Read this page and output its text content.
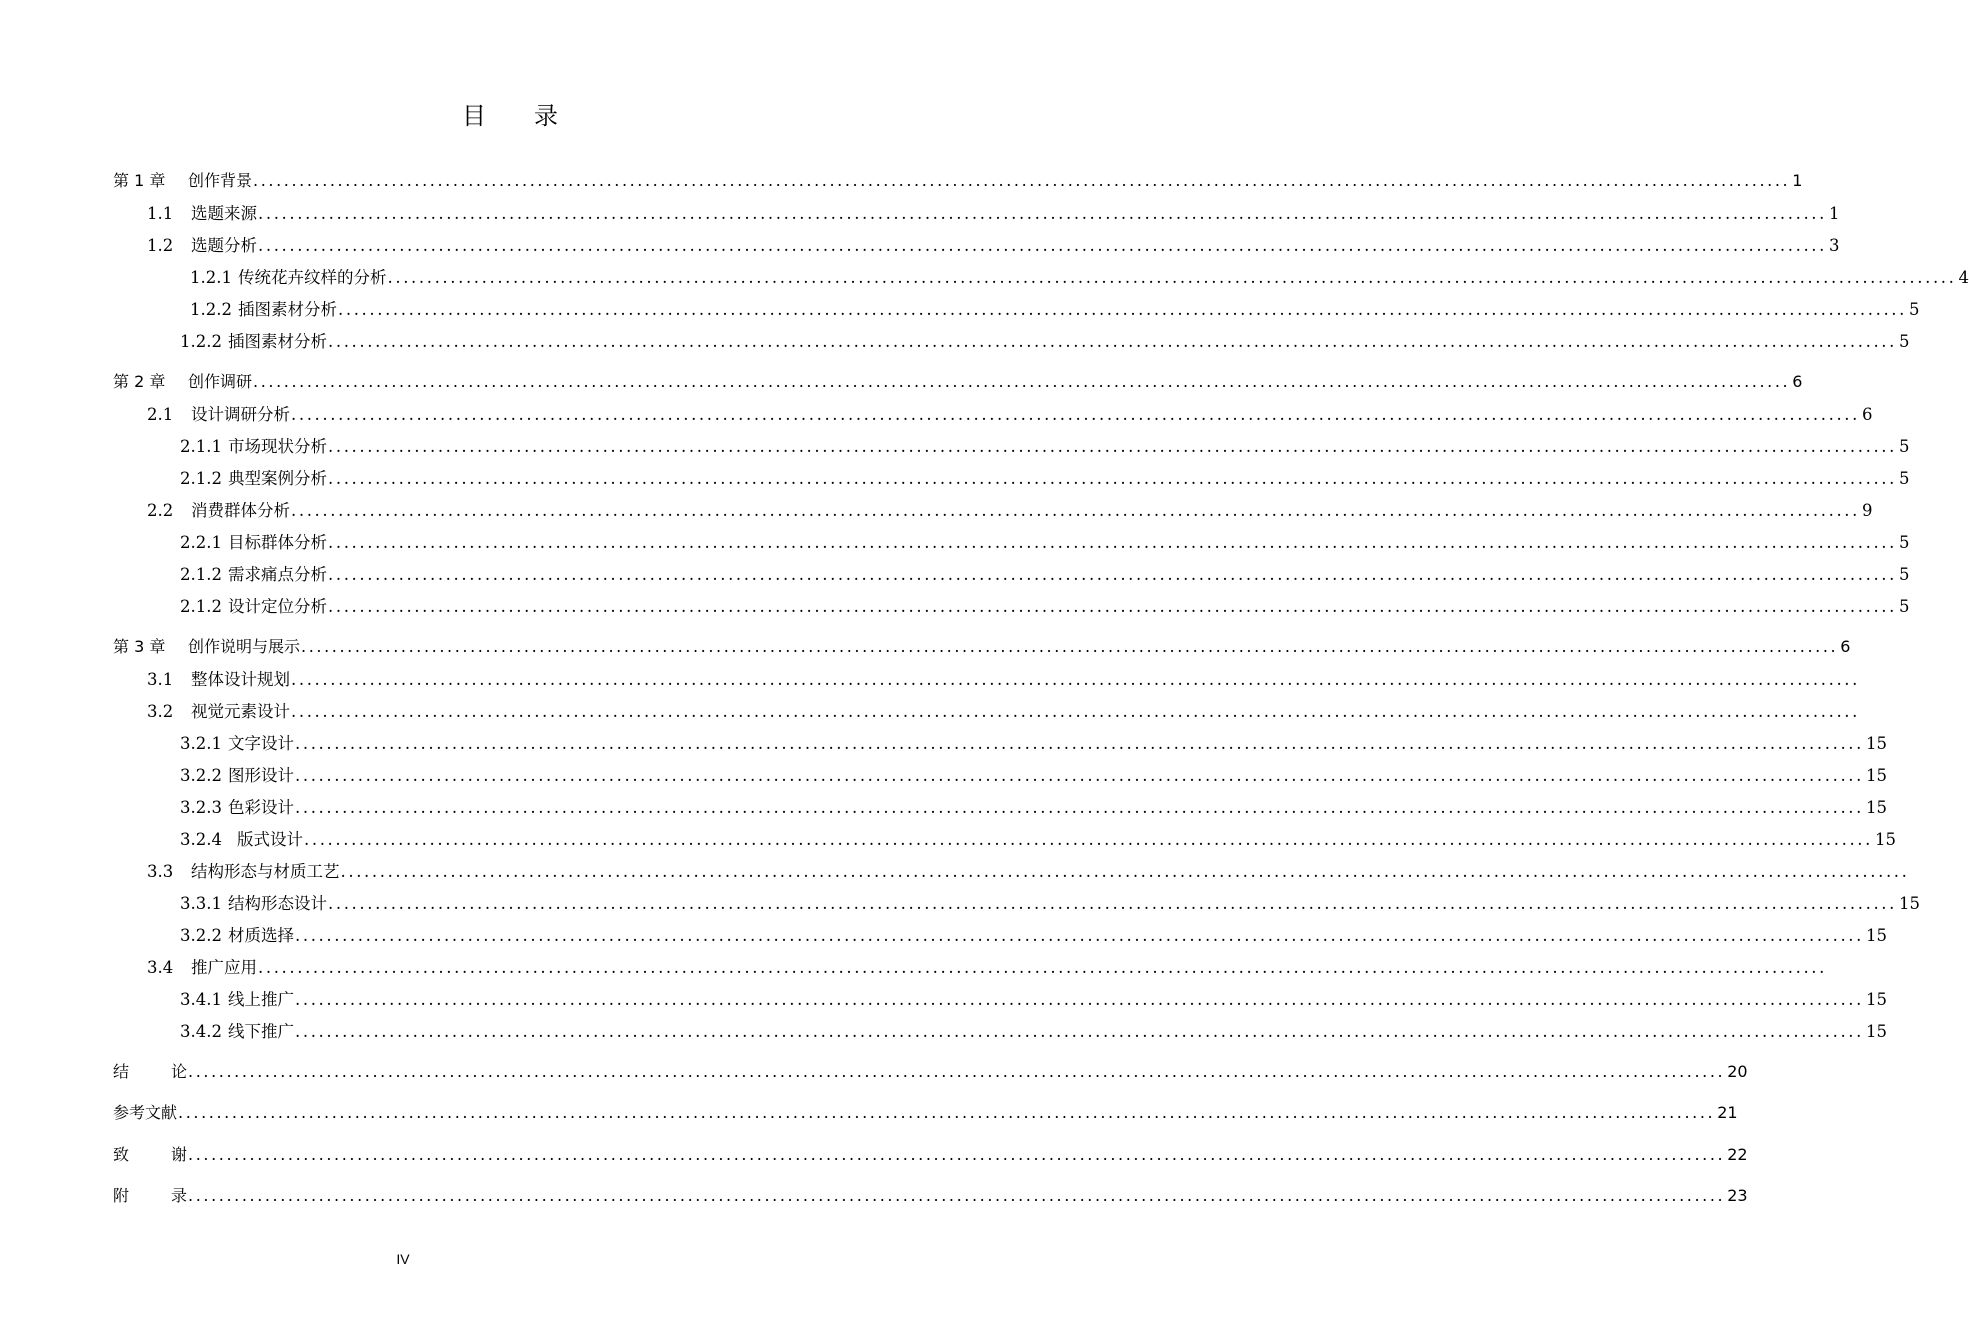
目 录
第 1 章	创作背景 ........................................................................................................................................................................................................ 1
1.1	选题来源 ........................................................................................................................................................................................................ 1
1.2	选题分析 ........................................................................................................................................................................................................ 3
1.2.1 传统花卉纹样的分析 ........................................................................................................................................................................................................ 4
1.2.2 插图素材分析 ........................................................................................................................................................................................................ 5
1.2.2 插图素材分析 ........................................................................................................................................................................................................ 5
第 2 章	创作调研 ........................................................................................................................................................................................................ 6
2.1	设计调研分析 ........................................................................................................................................................................................................ 6
2.1.1 市场现状分析 ........................................................................................................................................................................................................ 5
2.1.2 典型案例分析 ........................................................................................................................................................................................................ 5
2.2	消费群体分析 ........................................................................................................................................................................................................ 9
2.2.1 目标群体分析 ........................................................................................................................................................................................................ 5
2.1.2 需求痛点分析 ........................................................................................................................................................................................................ 5
2.1.2 设计定位分析 ........................................................................................................................................................................................................ 5
第 3 章	创作说明与展示 ........................................................................................................................................................................................................ 6
3.1	整体设计规划 ........................................................................................................................................................................................................
3.2	视觉元素设计 ........................................................................................................................................................................................................
3.2.1 文字设计 ........................................................................................................................................................................................................ 15
3.2.2 图形设计 ........................................................................................................................................................................................................ 15
3.2.3 色彩设计 ........................................................................................................................................................................................................ 15
3.2.4 版式设计 ........................................................................................................................................................................................................ 15
3.3	结构形态与材质工艺 ........................................................................................................................................................................................................
3.3.1 结构形态设计 ........................................................................................................................................................................................................ 15
3.2.2 材质选择 ........................................................................................................................................................................................................ 15
3.4	推广应用 ........................................................................................................................................................................................................
3.4.1 线上推广 ........................................................................................................................................................................................................ 15
3.4.2 线下推广 ........................................................................................................................................................................................................ 15
结	论 ........................................................................................................................................................................................................ 20
参考文献 ........................................................................................................................................................................................................ 21
致	谢 ........................................................................................................................................................................................................ 22
附	录 ........................................................................................................................................................................................................ 23
IV
